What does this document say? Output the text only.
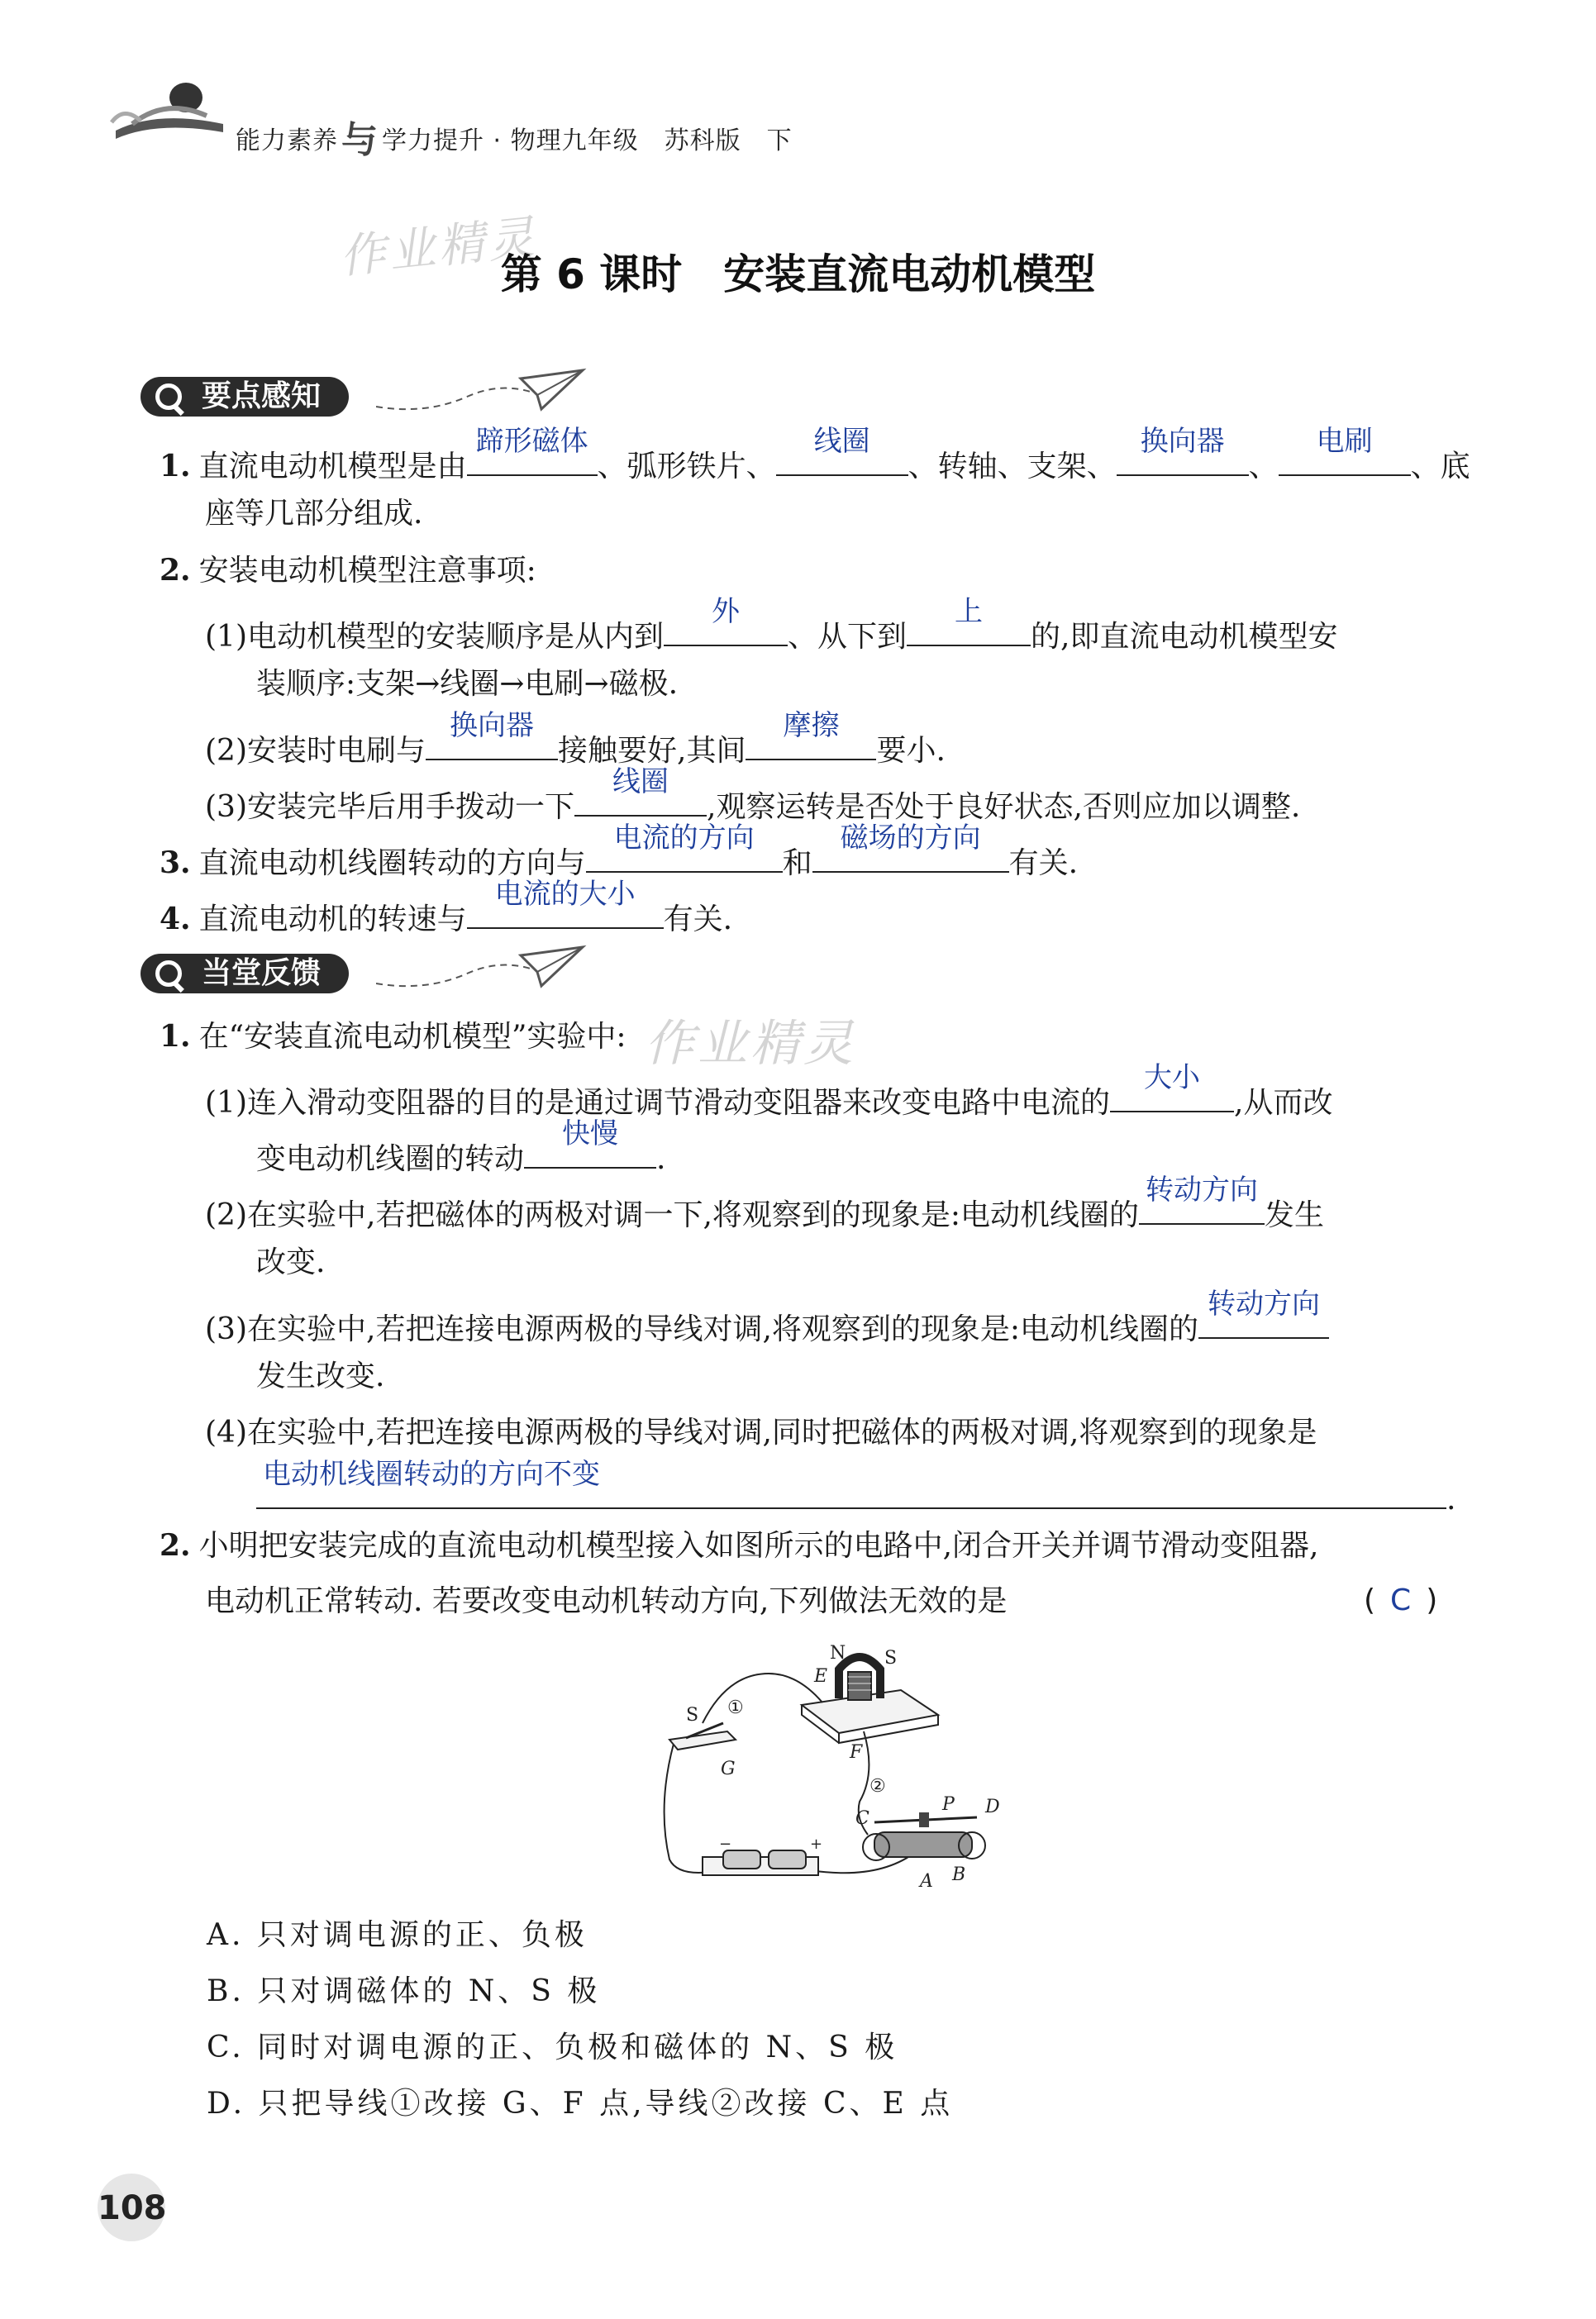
能力素养与 学力提升 · 物理九年级　苏科版　下
作业精灵
第 6 课时　安装直流电动机模型
要点感知
1. 直流电动机模型是由
蹄形磁体
、弧形铁片、
线圈
、转轴、支架、
换向器
、
电刷
、底
座等几部分组成.
2. 安装电动机模型注意事项:
(1)电动机模型的安装顺序是从内到
外
、从下到
上
的,即直流电动机模型安
装顺序:支架→线圈→电刷→磁极.
(2)安装时电刷与
换向器
接触要好,其间
摩擦
要小.
(3)安装完毕后用手拨动一下
线圈
,观察运转是否处于良好状态,否则应加以调整.
3. 直流电动机线圈转动的方向与
电流的方向
和
磁场的方向
有关.
4. 直流电动机的转速与
电流的大小
有关.
当堂反馈
作业精灵
1. 在“安装直流电动机模型”实验中:
(1)连入滑动变阻器的目的是通过调节滑动变阻器来改变电路中电流的
大小
,从而改
变电动机线圈的转动
快慢
.
(2)在实验中,若把磁体的两极对调一下,将观察到的现象是:电动机线圈的
转动方向
发生
改变.
(3)在实验中,若把连接电源两极的导线对调,将观察到的现象是:电动机线圈的
转动方向
发生改变.
(4)在实验中,若把连接电源两极的导线对调,同时把磁体的两极对调,将观察到的现象是
电动机线圈转动的方向不变
.
2. 小明把安装完成的直流电动机模型接入如图所示的电路中,闭合开关并调节滑动变阻器,
电动机正常转动. 若要改变电动机转动方向,下列做法无效的是	( C )
N S
E
F
S
G
C
P D
A B
①
②
−	+
A. 只对调电源的正、负极
B. 只对调磁体的 N、S 极
C. 同时对调电源的正、负极和磁体的 N、S 极
D. 只把导线①改接 G、F 点,导线②改接 C、E 点
108
